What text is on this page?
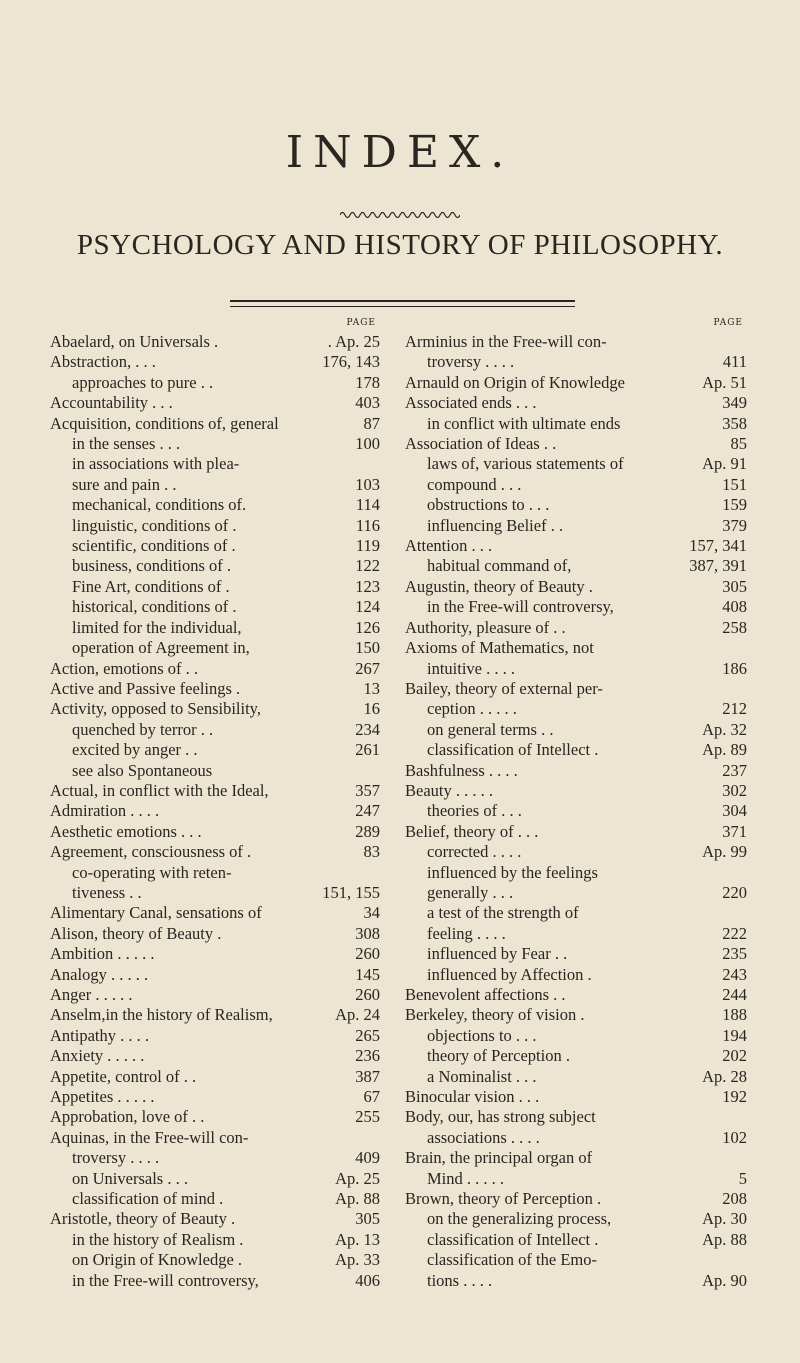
INDEX.
PSYCHOLOGY AND HISTORY OF PHILOSOPHY.
PAGE
Abaelard, on Universals .	. Ap. 25
Abstraction, . . .	176, 143
approaches to pure . .	178
Accountability . . .	403
Acquisition, conditions of, general	87
in the senses . . .	100
in associations with plea-
sure and pain . .	103
mechanical, conditions of.	114
linguistic, conditions of .	116
scientific, conditions of .	119
business, conditions of .	122
Fine Art, conditions of .	123
historical, conditions of .	124
limited for the individual,	126
operation of Agreement in,	150
Action, emotions of . .	267
Active and Passive feelings .	13
Activity, opposed to Sensibility,	16
quenched by terror . .	234
excited by anger . .	261
see also Spontaneous
Actual, in conflict with the Ideal,	357
Admiration . . . .	247
Aesthetic emotions . . .	289
Agreement, consciousness of .	83
co-operating with reten-
tiveness . .	151, 155
Alimentary Canal, sensations of	34
Alison, theory of Beauty .	308
Ambition . . . . .	260
Analogy . . . . .	145
Anger . . . . .	260
Anselm,in the history of Realism,	Ap. 24
Antipathy . . . .	265
Anxiety . . . . .	236
Appetite, control of . .	387
Appetites . . . . .	67
Approbation, love of . .	255
Aquinas, in the Free-will con-
troversy . . . .	409
on Universals . . .	Ap. 25
classification of mind .	Ap. 88
Aristotle, theory of Beauty .	305
in the history of Realism .	Ap. 13
on Origin of Knowledge .	Ap. 33
in the Free-will controversy,	406
PAGE
Arminius in the Free-will con-
troversy . . . .	411
Arnauld on Origin of Knowledge	Ap. 51
Associated ends . . .	349
in conflict with ultimate ends	358
Association of Ideas . .	85
laws of, various statements of	Ap. 91
compound . . .	151
obstructions to . . .	159
influencing Belief . .	379
Attention . . .	157, 341
habitual command of,	387, 391
Augustin, theory of Beauty .	305
in the Free-will controversy,	408
Authority, pleasure of . .	258
Axioms of Mathematics, not
intuitive . . . .	186
Bailey, theory of external per-
ception . . . . .	212
on general terms . .	Ap. 32
classification of Intellect .	Ap. 89
Bashfulness . . . .	237
Beauty . . . . .	302
theories of . . .	304
Belief, theory of . . .	371
corrected . . . .	Ap. 99
influenced by the feelings
generally . . .	220
a test of the strength of
feeling . . . .	222
influenced by Fear . .	235
influenced by Affection .	243
Benevolent affections . .	244
Berkeley, theory of vision .	188
objections to . . .	194
theory of Perception .	202
a Nominalist . . .	Ap. 28
Binocular vision . . .	192
Body, our, has strong subject
associations . . . .	102
Brain, the principal organ of
Mind . . . . .	5
Brown, theory of Perception .	208
on the generalizing process,	Ap. 30
classification of Intellect .	Ap. 88
classification of the Emo-
tions . . . .	Ap. 90
